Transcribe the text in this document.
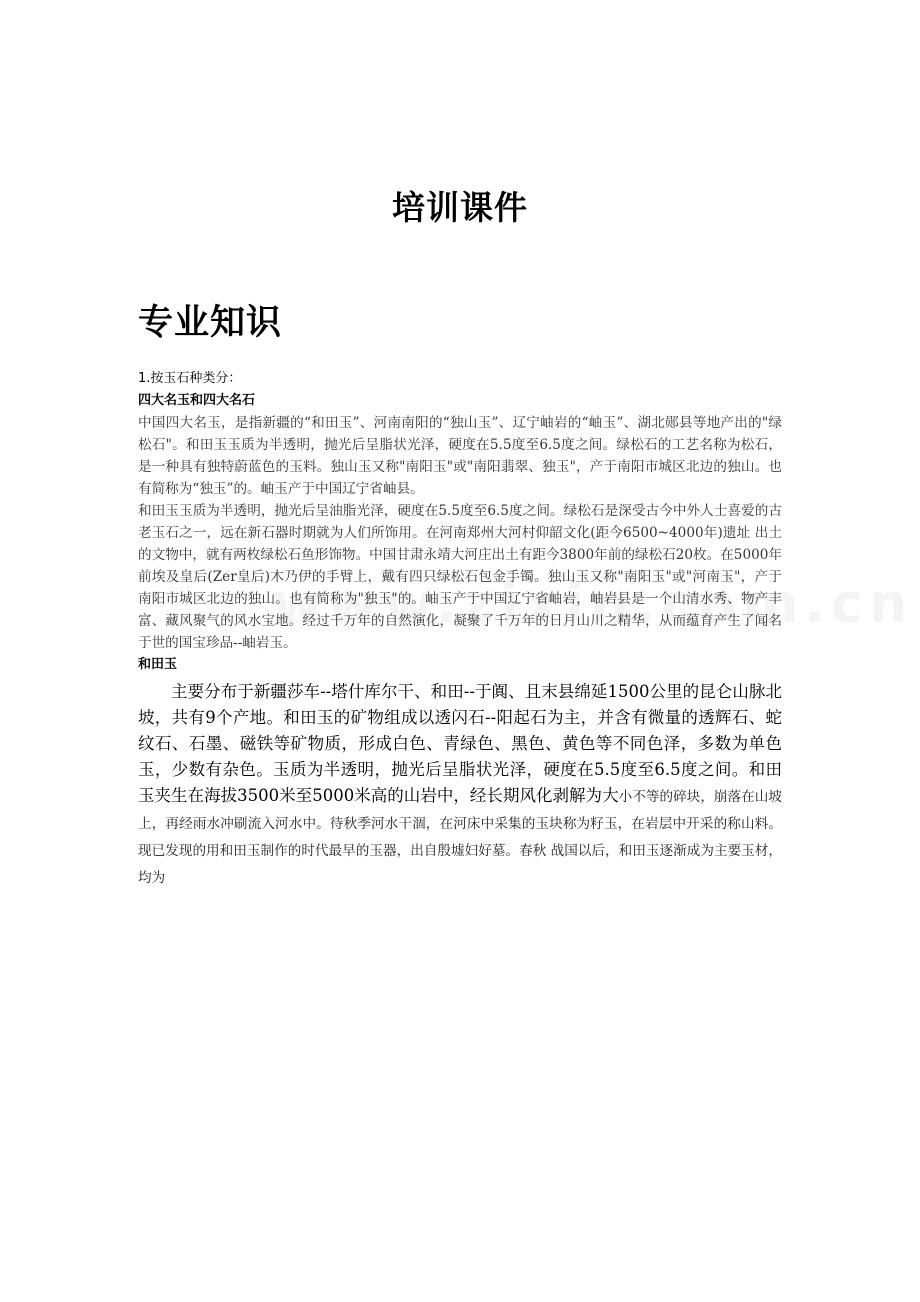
培训课件
专业知识
1.按玉石种类分：
四大名玉和四大名石
中国四大名玉，是指新疆的“和田玉”、河南南阳的“独山玉”、辽宁岫岩的“岫玉”、湖北郧县等地产出的"绿松石"。和田玉玉质为半透明，抛光后呈脂状光泽，硬度在5.5度至6.5度之间。绿松石的工艺名称为松石，是一种具有独特蔚蓝色的玉料。独山玉又称"南阳玉"或"南阳翡翠、独玉"，产于南阳市城区北边的独山。也有简称为“独玉”的。岫玉产于中国辽宁省岫县。
和田玉玉质为半透明，抛光后呈油脂光泽，硬度在5.5度至6.5度之间。绿松石是深受古今中外人士喜爱的古老玉石之一，远在新石器时期就为人们所饰用。在河南郑州大河村仰韶文化(距今6500~4000年)遗址 出土的文物中，就有两枚绿松石鱼形饰物。中国甘肃永靖大河庄出土有距今3800年前的绿松石20枚。在5000年前埃及皇后(Zer皇后)木乃伊的手臂上，戴有四只绿松石包金手镯。独山玉又称"南阳玉"或"河南玉"，产于南阳市城区北边的独山。也有简称为"独玉"的。岫玉产于中国辽宁省岫岩，岫岩县是一个山清水秀、物产丰富、藏风聚气的风水宝地。经过千万年的自然演化，凝聚了千万年的日月山川之精华，从而蕴育产生了闻名于世的国宝珍品--岫岩玉。
和田玉
主要分布于新疆莎车--塔什库尔干、和田--于阗、且末县绵延1500公里的昆仑山脉北坡，共有9个产地。和田玉的矿物组成以透闪石--阳起石为主，并含有微量的透辉石、蛇纹石、石墨、磁铁等矿物质，形成白色、青绿色、黑色、黄色等不同色泽，多数为单色玉，少数有杂色。玉质为半透明，抛光后呈脂状光泽，硬度在5.5度至6.5度之间。和田玉夹生在海拔3500米至5000米高的山岩中，经长期风化剥解为大小不等的碎块，崩落在山坡上，再经雨水冲刷流入河水中。待秋季河水干涸，在河床中采集的玉块称为籽玉，在岩层中开采的称山料。现已发现的用和田玉制作的时代最早的玉器，出自殷墟妇好墓。春秋 战国以后，和田玉逐渐成为主要玉材，均为
